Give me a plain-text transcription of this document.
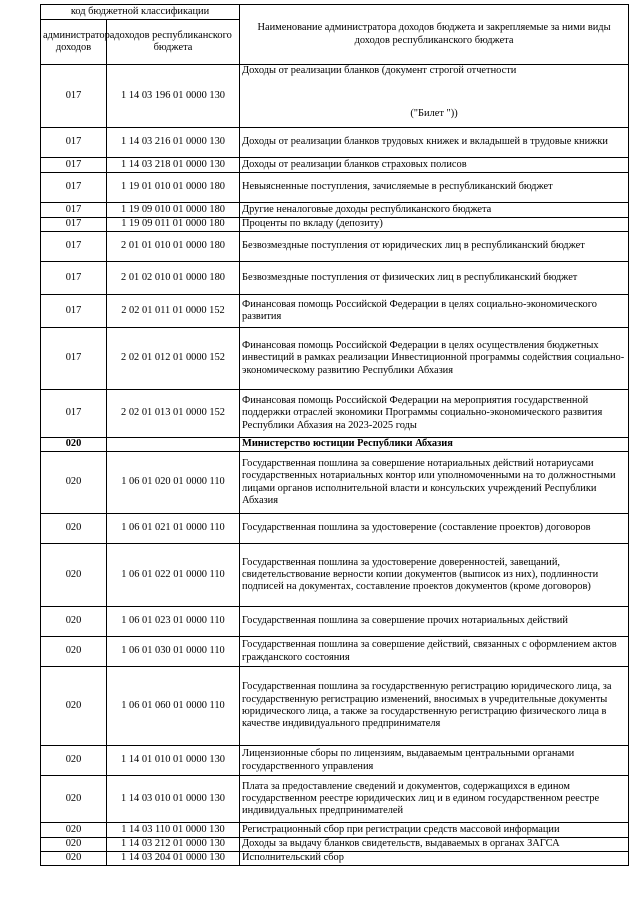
код бюджетной классификации		Наименование администратора доходов бюджета и закрепляемые за ними виды доходов республиканского бюджета
администратора доходов	доходов республиканского бюджета	
017	1 14 03 196 01 0000 130	Доходы от реализации бланков (документ строгой отчетности
("Билет "))

017	1 14 03 216 01 0000 130	Доходы от реализации бланков трудовых книжек и вкладышей в трудовые книжки
017	1 14 03 218 01 0000 130	Доходы от реализации бланков страховых полисов
017	1 19 01 010 01 0000 180	Невыясненные поступления, зачисляемые в республиканский бюджет
017	1 19 09 010 01 0000 180	Другие неналоговые доходы республиканского бюджета
017	1 19 09 011 01 0000 180	Проценты по вкладу (депозиту)
017	2 01 01 010 01 0000 180	Безвозмездные поступления от юридических лиц в республиканский бюджет
017	2 01 02 010 01 0000 180	Безвозмездные поступления от физических лиц в республиканский бюджет
017	2 02 01 011 01 0000 152	Финансовая помощь Российской Федерации в целях социально-экономического развития
017	2 02 01 012 01 0000 152	Финансовая помощь Российской Федерации в целях осуществления бюджетных инвестиций в рамках реализации Инвестиционной программы содействия социально-экономическому развитию Республики Абхазия
017	2 02 01 013 01 0000 152	Финансовая помощь Российской Федерации на мероприятия государственной поддержки отраслей экономики Программы социально-экономического развития Республики Абхазия на 2023-2025 годы
020		Министерство юстиции Республики Абхазия
020	1 06 01 020 01 0000 110	Государственная пошлина за совершение нотариальных действий нотариусами государственных нотариальных контор или уполномоченными на то должностными лицами органов исполнительной власти и консульских учреждений Республики Абхазия
020	1 06 01 021 01 0000 110	Государственная пошлина за удостоверение (составление проектов) договоров
020	1 06 01 022 01 0000 110	Государственная пошлина за удостоверение доверенностей, завещаний, свидетельствование верности копии документов (выписок из них), подлинности подписей на документах, составление проектов документов (кроме договоров)
020	1 06 01 023 01 0000 110	Государственная пошлина за совершение прочих нотариальных действий
020	1 06 01 030 01 0000 110	Государственная пошлина за совершение действий, связанных с оформлением актов гражданского состояния
020	1 06 01 060 01 0000 110	Государственная пошлина за государственную регистрацию юридического лица, за государственную регистрацию изменений, вносимых в учредительные документы юридического лица, а также за государственную регистрацию физического лица в качестве индивидуального предпринимателя
020	1 14 01 010 01 0000 130	Лицензионные сборы по лицензиям, выдаваемым центральными органами государственного управления
020	1 14 03 010 01 0000 130	Плата за предоставление сведений и документов, содержащихся в едином государственном реестре юридических лиц и в едином государственном реестре индивидуальных предпринимателей
020	1 14 03 110 01 0000 130	Регистрационный сбор при регистрации средств массовой информации
020	1 14 03 212 01 0000 130	Доходы за выдачу бланков свидетельств, выдаваемых в органах ЗАГСА
020	1 14 03 204 01 0000 130	Исполнительский сбор
